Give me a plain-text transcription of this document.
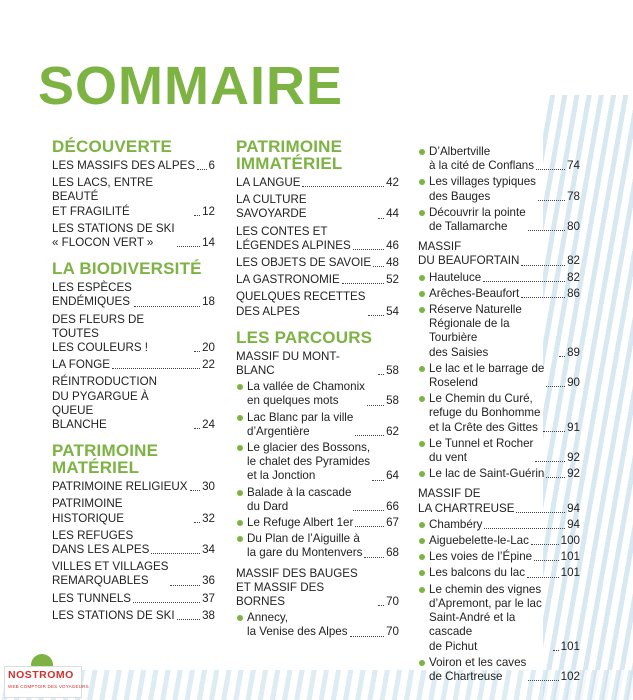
SOMMAIRE
DÉCOUVERTE
LES MASSIFS DES ALPES 6
LES LACS, ENTRE BEAUTÉ
ET FRAGILITÉ	12
LES STATIONS DE SKI
« FLOCON VERT »	14
LA BIODIVERSITÉ
LES ESPÈCES
ENDÉMIQUES	18
DES FLEURS DE TOUTES
LES COULEURS !	20
LA FONGE	22
RÉINTRODUCTION
DU PYGARGUE À QUEUE
BLANCHE	24
PATRIMOINE
MATÉRIEL
PATRIMOINE RELIGIEUX 30
PATRIMOINE HISTORIQUE	32
LES REFUGES
DANS LES ALPES	34
VILLES ET VILLAGES
REMARQUABLES	36
LES TUNNELS	37
LES STATIONS DE SKI 38
PATRIMOINE
IMMATÉRIEL
LA LANGUE	42
LA CULTURE SAVOYARDE	44
LES CONTES ET
LÉGENDES ALPINES	46
LES OBJETS DE SAVOIE 48
LA GASTRONOMIE	52
QUELQUES RECETTES
DES ALPES	54
LES PARCOURS
MASSIF DU MONT-BLANC	58
La vallée de Chamonix
en quelques mots	58
Lac Blanc par la ville
d’Argentière	62
Le glacier des Bossons,
le chalet des Pyramides
et la Jonction	64
Balade à la cascade
du Dard	66
Le Refuge Albert 1er	67
Du Plan de l’Aiguille à
la gare du Montenvers 68
MASSIF DES BAUGES
ET MASSIF DES BORNES	70
Annecy,
la Venise des Alpes	70
D’Albertville
à la cité de Conflans	74
Les villages typiques
des Bauges	78
Découvrir la pointe
de Tallamarche	80
MASSIF
DU BEAUFORTAIN	82
Hauteluce	82
Arêches-Beaufort	86
Réserve Naturelle
Régionale de la Tourbière
des Saisies	89
Le lac et le barrage de
Roselend	90
Le Chemin du Curé,
refuge du Bonhomme
et la Crête des Gittes	91
Le Tunnel et Rocher
du vent	92
Le lac de Saint-Guérin 92
MASSIF DE
LA CHARTREUSE	94
Chambéry	94
Aiguebelette-le-Lac	100
Les voies de l’Épine 101
Les balcons du lac	101
Le chemin des vignes
d’Apremont, par le lac
Saint-André et la cascade
de Pichut	101
Voiron et les caves
de Chartreuse	102
NOSTROMO
WEB COMPTOIR DES VOYAGEURS
